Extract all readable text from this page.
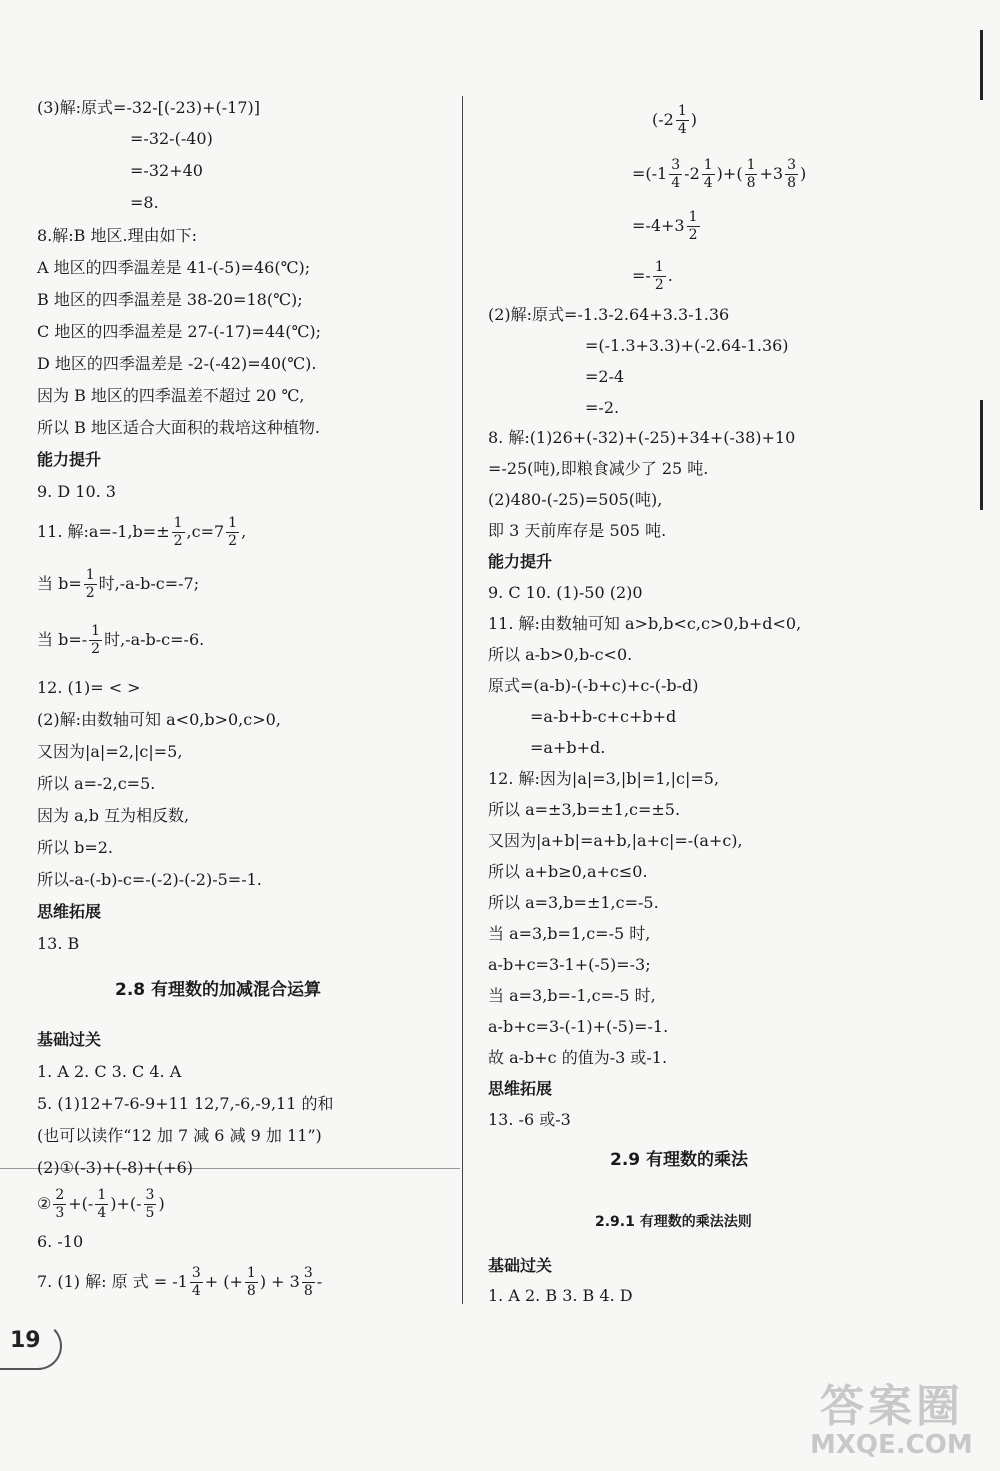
(3)解:原式=-32-[(-23)+(-17)]
=-32-(-40)
=-32+40
=8.
8.解:B 地区.理由如下:
A 地区的四季温差是 41-(-5)=46(℃);
B 地区的四季温差是 38-20=18(℃);
C 地区的四季温差是 27-(-17)=44(℃);
D 地区的四季温差是 -2-(-42)=40(℃).
因为 B 地区的四季温差不超过 20 ℃,
所以 B 地区适合大面积的栽培这种植物.
能力提升
9. D 10. 3
11. 解:a=-1,b=± $\frac{1}{2} ,c=7 \frac{1}{2}$ ,
当 $b= \frac{1}{2}$ 时,-a-b-c=-7;
当 $b=- \frac{1}{2}$ 时,-a-b-c=-6.
12. (1)= < >
(2)解:由数轴可知 a<0,b>0,c>0,
又因为|a|=2,|c|=5,
所以 a=-2,c=5.
因为 a,b 互为相反数,
所以 b=2.
所以-a-(-b)-c=-(-2)-(-2)-5=-1.
思维拓展
13. B
2.8 有理数的加减混合运算
基础过关
1. A 2. C 3. C 4. A
5. (1)12+7-6-9+11 12,7,-6,-9,11 的和
(也可以读作“12 加 7 减 6 减 9 加 11”)
(2)①(-3)+(-8)+(+6)
② $\frac{2}{3}$ +(- $\frac{1}{4}$ )+(- $\frac{3}{5}$ )
6. -10
7. (1) 解: 原 式 = $-1 \frac{3}{4}$ + (+ $\frac{1}{8}$ ) + $3 \frac{3}{8}$ -
($-2 \frac{1}{4}$ )
$=(-1 \frac{3}{4} -2 \frac{1}{4}$ )+( $\frac{1}{8} +3 \frac{3}{8}$ )
$=-4+3 \frac{1}{2}$
=- $\frac{1}{2}$ .
(2)解:原式=-1.3-2.64+3.3-1.36
=(-1.3+3.3)+(-2.64-1.36)
=2-4
=-2.
8. 解:(1)26+(-32)+(-25)+34+(-38)+10
=-25(吨),即粮食减少了 25 吨.
(2)480-(-25)=505(吨),
即 3 天前库存是 505 吨.
能力提升
9. C 10. (1)-50 (2)0
11. 解:由数轴可知 a>b,b<c,c>0,b+d<0,
所以 a-b>0,b-c<0.
原式=(a-b)-(-b+c)+c-(-b-d)
=a-b+b-c+c+b+d
=a+b+d.
12. 解:因为|a|=3,|b|=1,|c|=5,
所以 a=±3,b=±1,c=±5.
又因为|a+b|=a+b,|a+c|=-(a+c),
所以 a+b≥0,a+c≤0.
所以 a=3,b=±1,c=-5.
当 a=3,b=1,c=-5 时,
a-b+c=3-1+(-5)=-3;
当 a=3,b=-1,c=-5 时,
a-b+c=3-(-1)+(-5)=-1.
故 a-b+c 的值为-3 或-1.
思维拓展
13. -6 或-3
2.9 有理数的乘法
2.9.1 有理数的乘法法则
基础过关
1. A 2. B 3. B 4. D
19
答案圈
MXQE.COM
